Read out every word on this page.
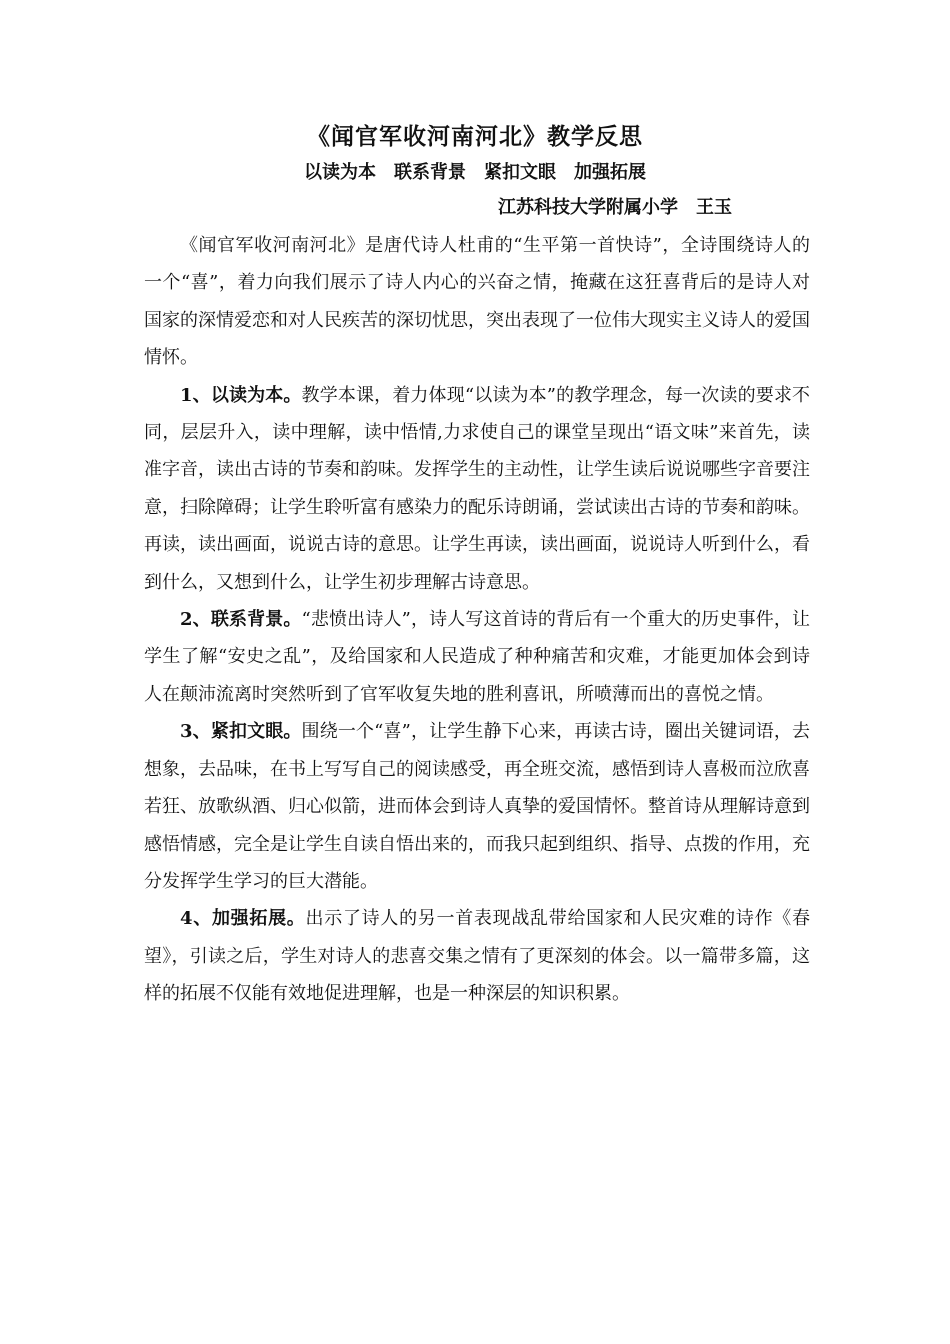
《闻官军收河南河北》教学反思
以读为本　联系背景　紧扣文眼　加强拓展
江苏科技大学附属小学　王玉

《闻官军收河南河北》是唐代诗人杜甫的“生平第一首快诗”，全诗围绕诗人的一个“喜”，着力向我们展示了诗人内心的兴奋之情，掩藏在这狂喜背后的是诗人对国家的深情爱恋和对人民疾苦的深切忧思，突出表现了一位伟大现实主义诗人的爱国情怀。

1、以读为本。教学本课，着力体现“以读为本”的教学理念，每一次读的要求不同，层层升入，读中理解，读中悟情,力求使自己的课堂呈现出“语文味”来首先，读准字音，读出古诗的节奏和韵味。发挥学生的主动性，让学生读后说说哪些字音要注意，扫除障碍；让学生聆听富有感染力的配乐诗朗诵，尝试读出古诗的节奏和韵味。再读，读出画面，说说古诗的意思。让学生再读，读出画面，说说诗人听到什么，看到什么，又想到什么，让学生初步理解古诗意思。

2、联系背景。“悲愤出诗人”，诗人写这首诗的背后有一个重大的历史事件，让学生了解“安史之乱”，及给国家和人民造成了种种痛苦和灾难，才能更加体会到诗人在颠沛流离时突然听到了官军收复失地的胜利喜讯，所喷薄而出的喜悦之情。

3、紧扣文眼。围绕一个“喜”，让学生静下心来，再读古诗，圈出关键词语，去想象，去品味，在书上写写自己的阅读感受，再全班交流，感悟到诗人喜极而泣欣喜若狂、放歌纵酒、归心似箭，进而体会到诗人真挚的爱国情怀。整首诗从理解诗意到感悟情感，完全是让学生自读自悟出来的，而我只起到组织、指导、点拨的作用，充分发挥学生学习的巨大潜能。

4、加强拓展。出示了诗人的另一首表现战乱带给国家和人民灾难的诗作《春望》，引读之后，学生对诗人的悲喜交集之情有了更深刻的体会。以一篇带多篇，这样的拓展不仅能有效地促进理解，也是一种深层的知识积累。
